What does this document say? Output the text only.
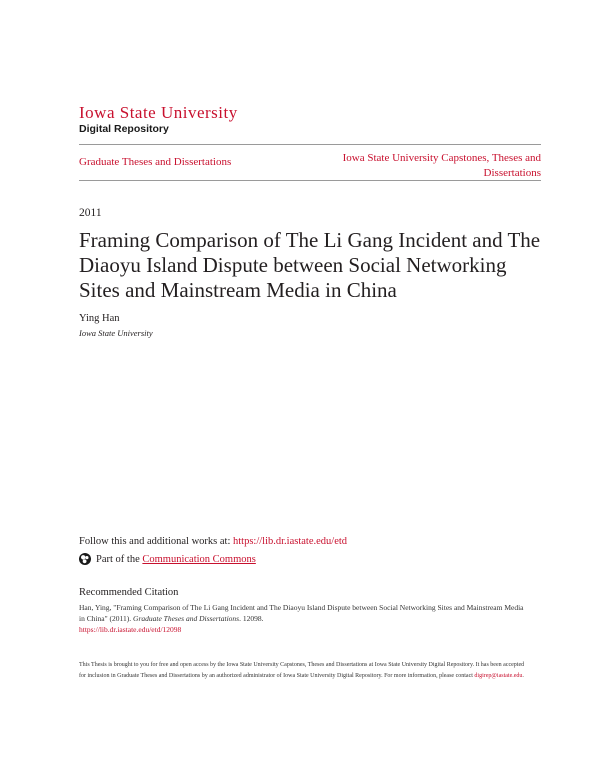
Iowa State University
Digital Repository
Graduate Theses and Dissertations	Iowa State University Capstones, Theses and Dissertations
2011
Framing Comparison of The Li Gang Incident and The Diaoyu Island Dispute between Social Networking Sites and Mainstream Media in China
Ying Han
Iowa State University
Follow this and additional works at: https://lib.dr.iastate.edu/etd
Part of the
Communication Commons
Recommended Citation
Han, Ying, "Framing Comparison of The Li Gang Incident and The Diaoyu Island Dispute between Social Networking Sites and Mainstream Media in China" (2011). Graduate Theses and Dissertations. 12098.
https://lib.dr.iastate.edu/etd/12098
This Thesis is brought to you for free and open access by the Iowa State University Capstones, Theses and Dissertations at Iowa State University Digital Repository. It has been accepted for inclusion in Graduate Theses and Dissertations by an authorized administrator of Iowa State University Digital Repository. For more information, please contact digirep@iastate.edu.
